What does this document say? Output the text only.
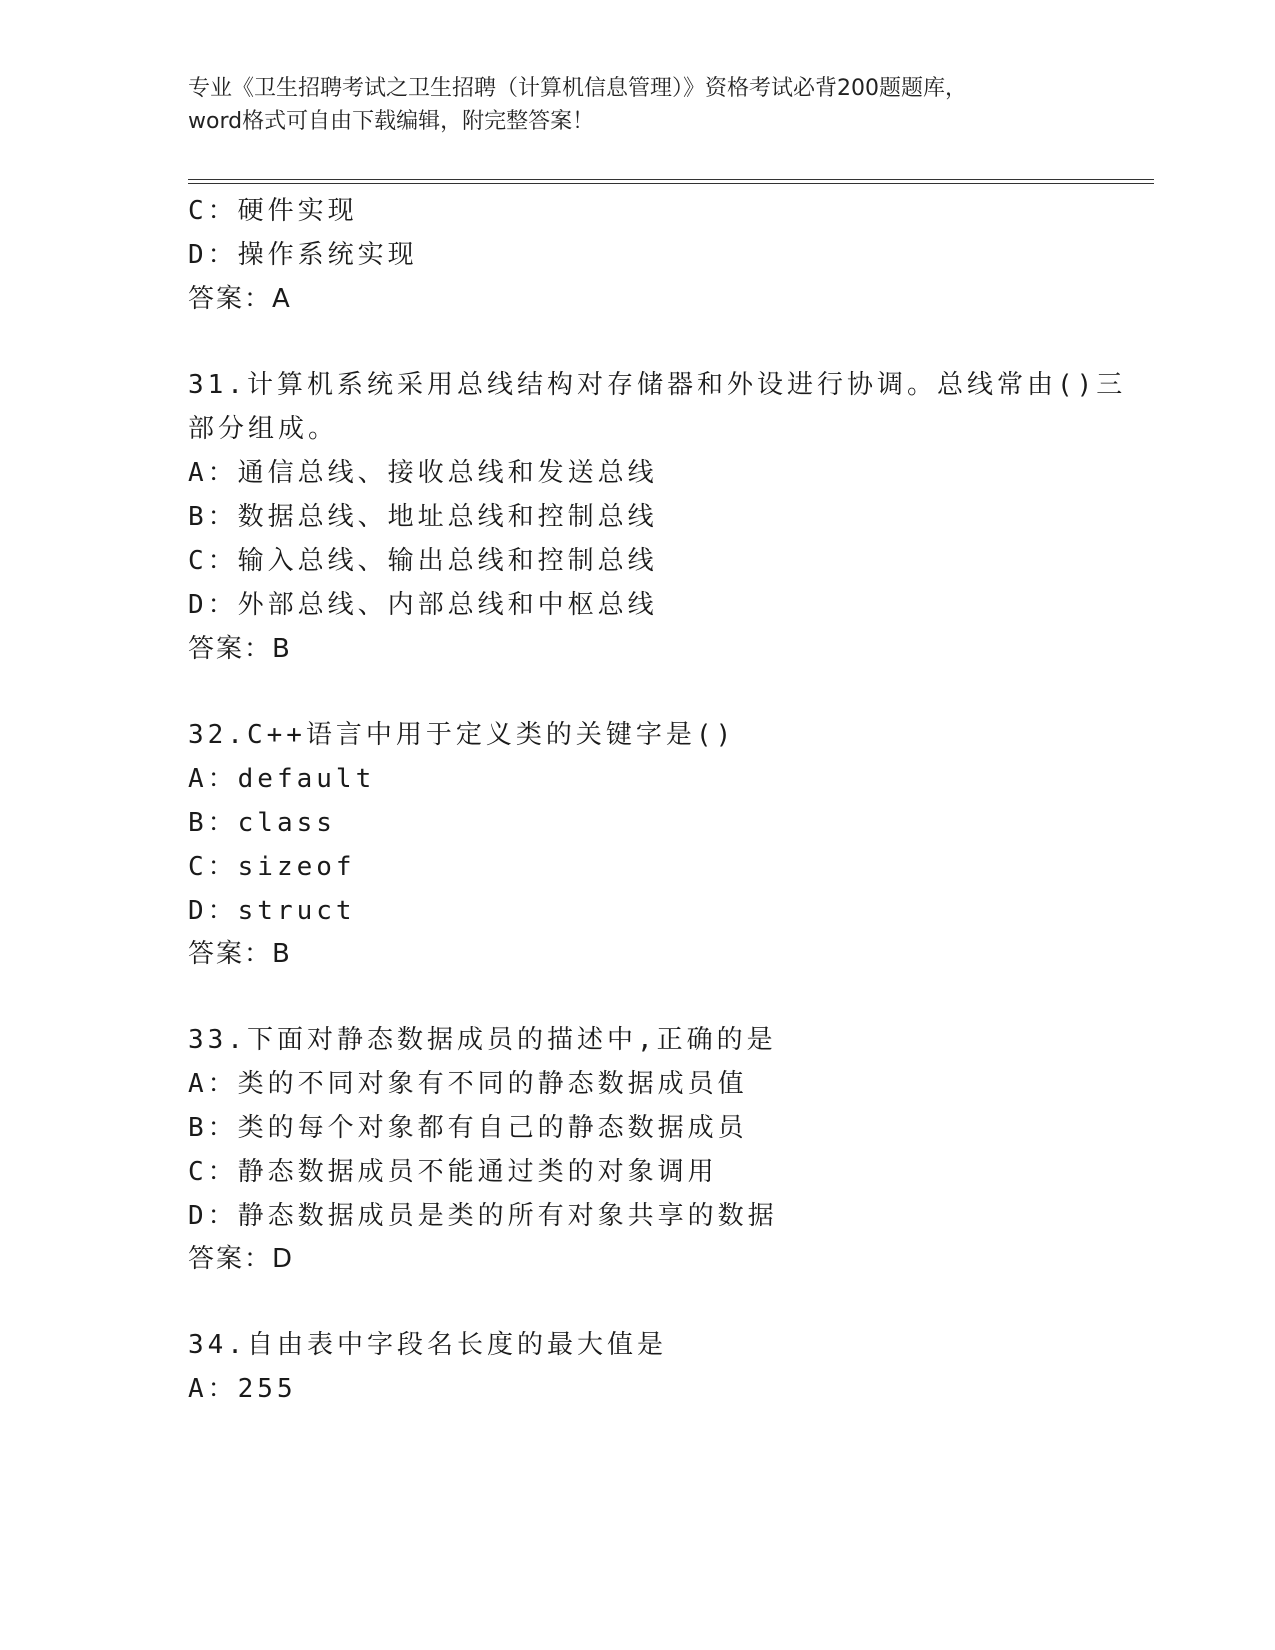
专业《卫生招聘考试之卫生招聘（计算机信息管理）》资格考试必背200题题库，
word格式可自由下载编辑，附完整答案！
C：硬件实现
D：操作系统实现
答案：A
31.计算机系统采用总线结构对存储器和外设进行协调。总线常由()三
部分组成。
A：通信总线、接收总线和发送总线
B：数据总线、地址总线和控制总线
C：输入总线、输出总线和控制总线
D：外部总线、内部总线和中枢总线
答案：B
32.C++语言中用于定义类的关键字是()
A：default
B：class
C：sizeof
D：struct
答案：B
33.下面对静态数据成员的描述中,正确的是
A：类的不同对象有不同的静态数据成员值
B：类的每个对象都有自己的静态数据成员
C：静态数据成员不能通过类的对象调用
D：静态数据成员是类的所有对象共享的数据
答案：D
34.自由表中字段名长度的最大值是
A：255
